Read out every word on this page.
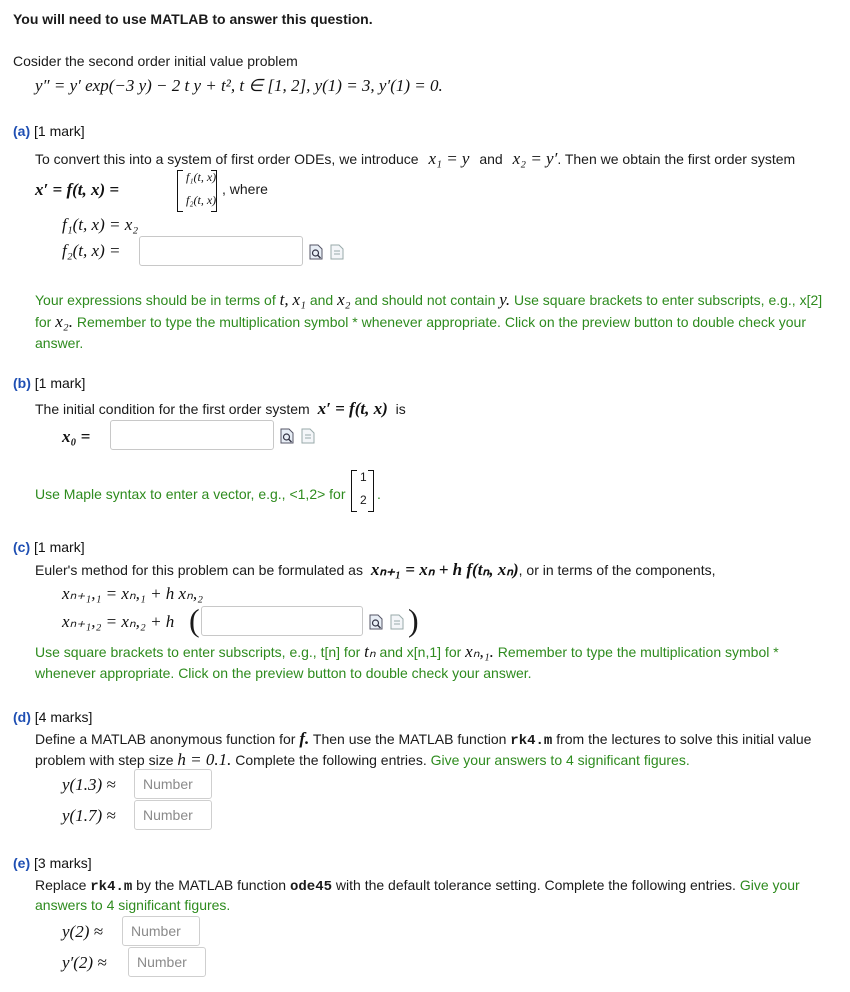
You will need to use MATLAB to answer this question.
Cosider the second order initial value problem
y″ = y′ exp(−3 y) − 2 t y + t², t ∈ [1, 2], y(1) = 3, y′(1) = 0.
(a) [1 mark]
To convert this into a system of first order ODEs, we introduce x₁ = y and x₂ = y′. Then we obtain the first order system
x′ = f(t, x) =
f₁(t, x)
f₂(t, x)
, where
f₁(t, x) = x₂
f₂(t, x) =
Your expressions should be in terms of t, x₁ and x₂ and should not contain y. Use square brackets to enter subscripts, e.g., x[2] for x₂. Remember to type the multiplication symbol * whenever appropriate. Click on the preview button to double check your answer.
(b) [1 mark]
The initial condition for the first order system x′ = f(t, x) is
x₀ =
Use Maple syntax to enter a vector, e.g., <1,2> for
1
2 .
(c) [1 mark]
Euler's method for this problem can be formulated as xₙ₊₁ = xₙ + h f(tₙ, xₙ), or in terms of the components,
xₙ₊₁,₁ = xₙ,₁ + h xₙ,₂
xₙ₊₁,₂ = xₙ,₂ + h (	)
Use square brackets to enter subscripts, e.g., t[n] for tₙ and x[n,1] for xₙ,₁. Remember to type the multiplication symbol * whenever appropriate. Click on the preview button to double check your answer.
(d) [4 marks]
Define a MATLAB anonymous function for f. Then use the MATLAB function rk4.m from the lectures to solve this initial value
problem with step size h = 0.1. Complete the following entries. Give your answers to 4 significant figures.
y(1.3) ≈	Number
y(1.7) ≈	Number
(e) [3 marks]
Replace rk4.m by the MATLAB function ode45 with the default tolerance setting. Complete the following entries. Give your
answers to 4 significant figures.
y(2) ≈	Number
y′(2) ≈	Number
